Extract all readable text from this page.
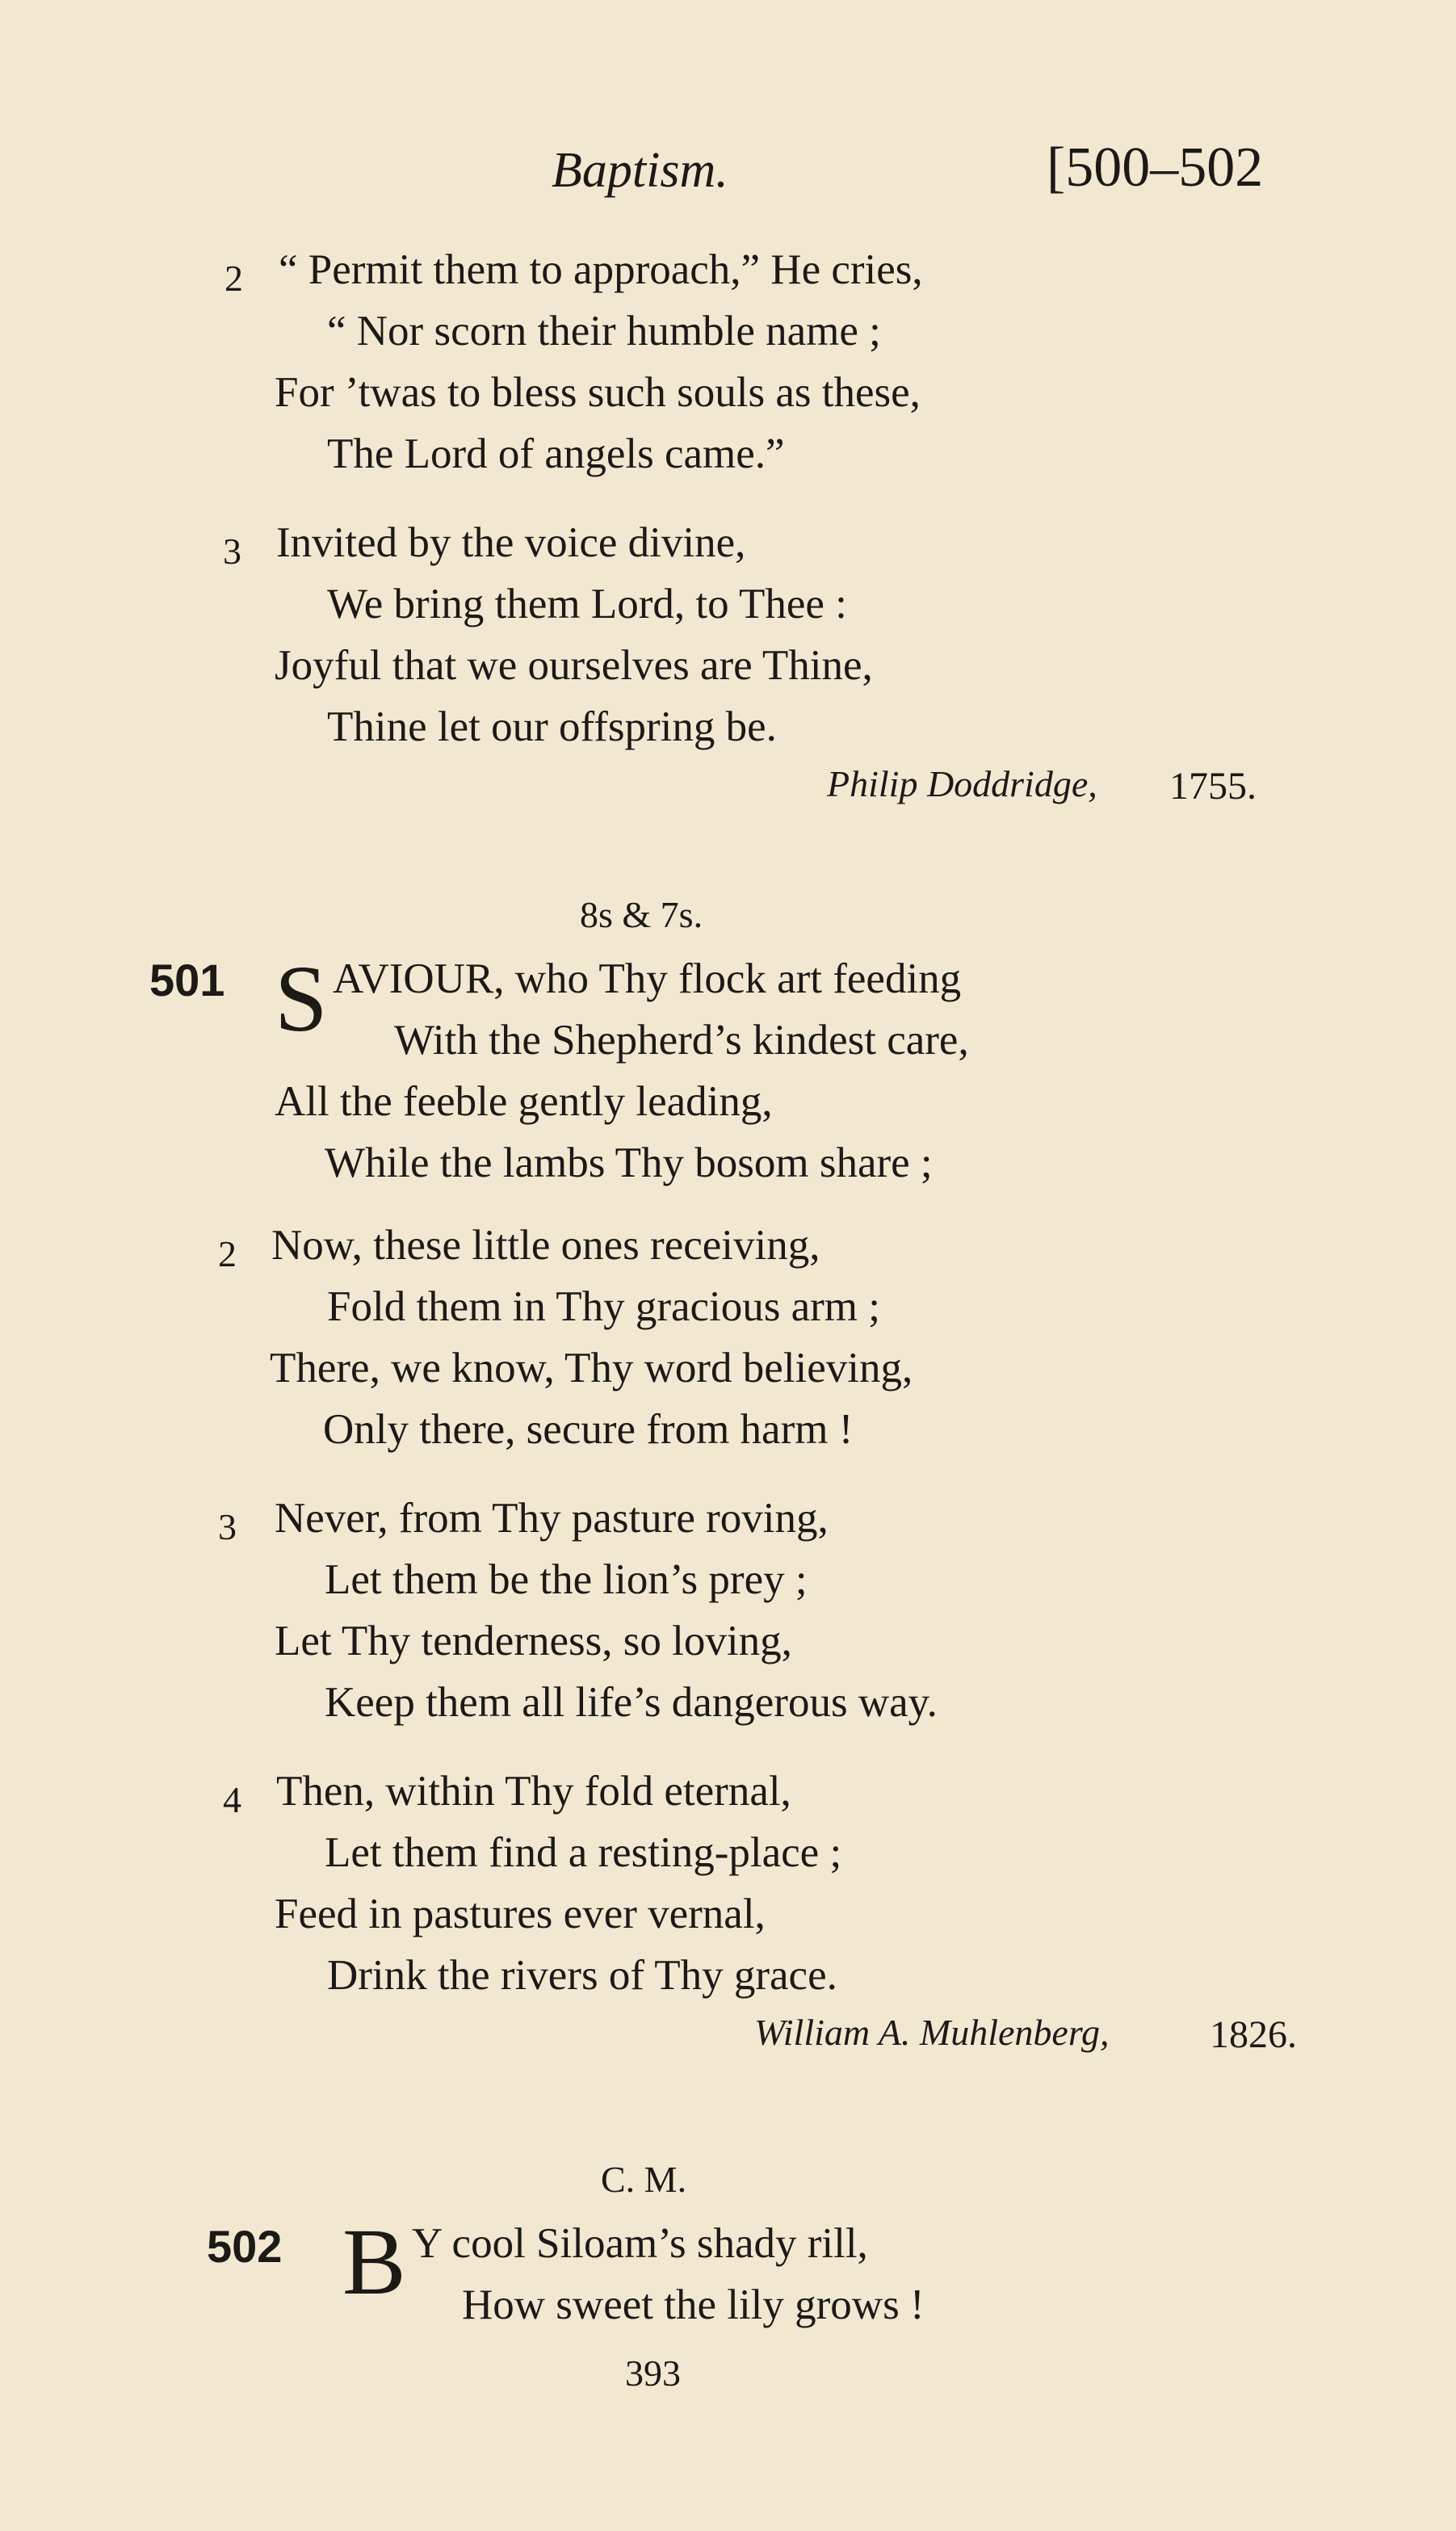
Baptism.	[500–502
2 “ Permit them to approach,” He cries,
“ Nor scorn their humble name ;
For ’twas to bless such souls as these,
The Lord of angels came.”
3 Invited by the voice divine,
We bring them Lord, to Thee :
Joyful that we ourselves are Thine,
Thine let our offspring be.
Philip Doddridge, 1755.
8s & 7s.
501 S AVIOUR, who Thy flock art feeding
With the Shepherd’s kindest care,
All the feeble gently leading,
While the lambs Thy bosom share ;
2 Now, these little ones receiving,
Fold them in Thy gracious arm ;
There, we know, Thy word believing,
Only there, secure from harm !
3 Never, from Thy pasture roving,
Let them be the lion’s prey ;
Let Thy tenderness, so loving,
Keep them all life’s dangerous way.
4 Then, within Thy fold eternal,
Let them find a resting-place ;
Feed in pastures ever vernal,
Drink the rivers of Thy grace.
William A. Muhlenberg,	1826.
C. M.
502 B Y cool Siloam’s shady rill,
How sweet the lily grows !
393
